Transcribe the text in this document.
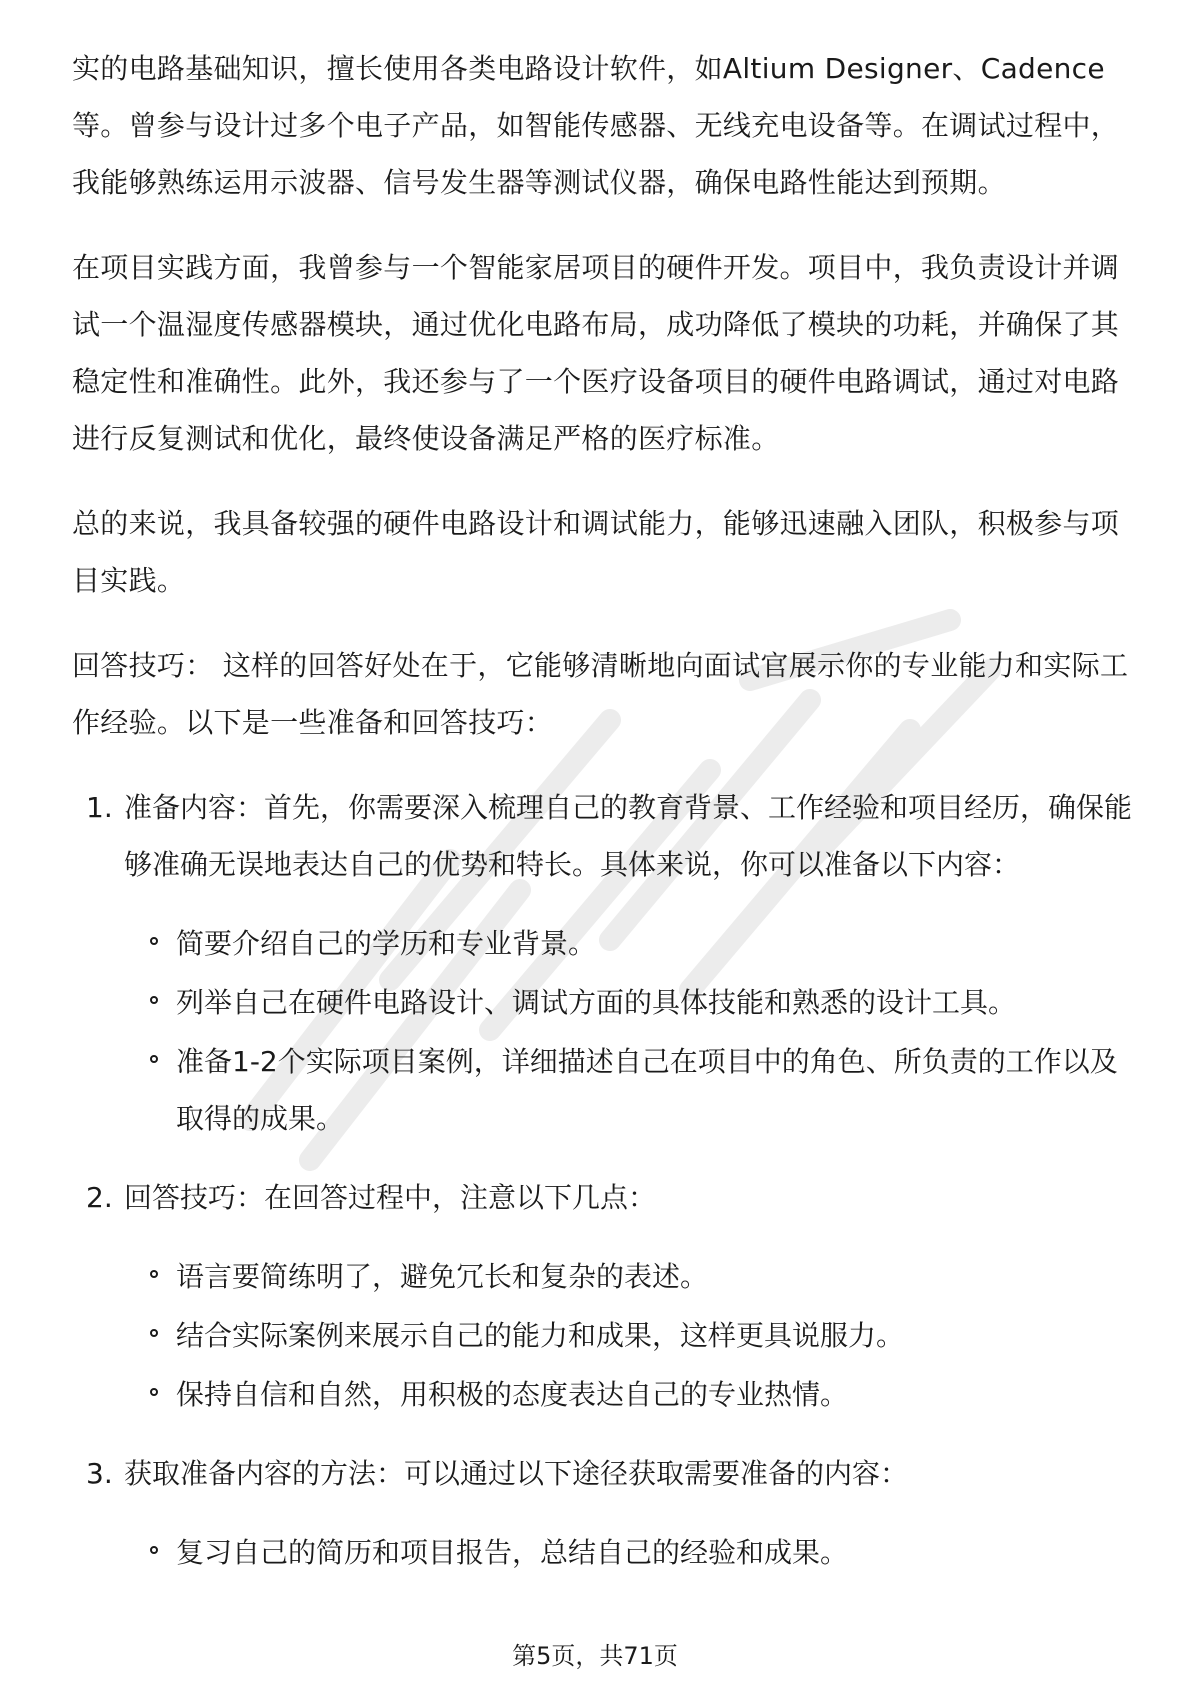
实的电路基础知识，擅长使用各类电路设计软件，如Altium Designer、Cadence等。曾参与设计过多个电子产品，如智能传感器、无线充电设备等。在调试过程中，我能够熟练运用示波器、信号发生器等测试仪器，确保电路性能达到预期。

在项目实践方面，我曾参与一个智能家居项目的硬件开发。项目中，我负责设计并调试一个温湿度传感器模块，通过优化电路布局，成功降低了模块的功耗，并确保了其稳定性和准确性。此外，我还参与了一个医疗设备项目的硬件电路调试，通过对电路进行反复测试和优化，最终使设备满足严格的医疗标准。

总的来说，我具备较强的硬件电路设计和调试能力，能够迅速融入团队，积极参与项目实践。

回答技巧： 这样的回答好处在于，它能够清晰地向面试官展示你的专业能力和实际工作经验。以下是一些准备和回答技巧：

1. 准备内容：首先，你需要深入梳理自己的教育背景、工作经验和项目经历，确保能够准确无误地表达自己的优势和特长。具体来说，你可以准备以下内容：

简要介绍自己的学历和专业背景。
列举自己在硬件电路设计、调试方面的具体技能和熟悉的设计工具。
准备1-2个实际项目案例，详细描述自己在项目中的角色、所负责的工作以及取得的成果。
2. 回答技巧：在回答过程中，注意以下几点：

语言要简练明了，避免冗长和复杂的表述。
结合实际案例来展示自己的能力和成果，这样更具说服力。
保持自信和自然，用积极的态度表达自己的专业热情。
3. 获取准备内容的方法：可以通过以下途径获取需要准备的内容：

复习自己的简历和项目报告，总结自己的经验和成果。
第5页，共71页
